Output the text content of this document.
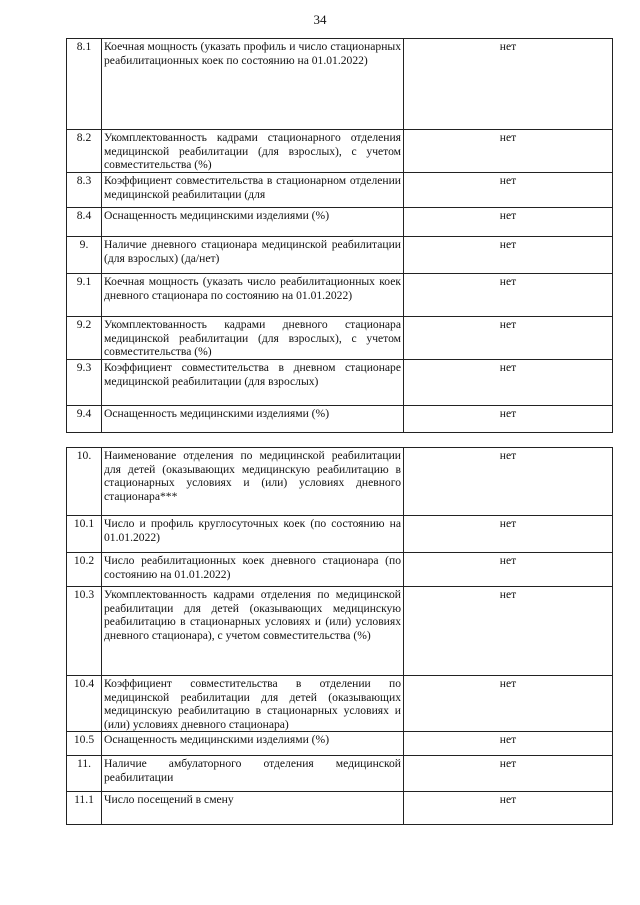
34
8.1	Коечная мощность (указать профиль и число стационарных реабилитационных коек по состоянию на 01.01.2022)	нет
8.2	Укомплектованность кадрами стационарного отделения медицинской реабилитации (для взрослых), с учетом совместительства (%)	нет
8.3	Коэффициент совместительства в стационарном отделении медицинской реабилитации (для	нет
8.4	Оснащенность медицинскими изделиями (%)	нет
9.	Наличие дневного стационара медицинской реабилитации (для взрослых) (да/нет)	нет
9.1	Коечная мощность (указать число реабилитационных коек дневного стационара по состоянию на 01.01.2022)	нет
9.2	Укомплектованность кадрами дневного стационара медицинской реабилитации (для взрослых), с учетом совместительства (%)	нет
9.3	Коэффициент совместительства в дневном стационаре медицинской реабилитации (для взрослых)	нет
9.4	Оснащенность медицинскими изделиями (%)	нет
10.	Наименование отделения по медицинской реабилитации для детей (оказывающих медицинскую реабилитацию в стационарных условиях и (или) условиях дневного стационара***	нет
10.1	Число и профиль круглосуточных коек (по состоянию на 01.01.2022)	нет
10.2	Число реабилитационных коек дневного стационара (по состоянию на 01.01.2022)	нет
10.3	Укомплектованность кадрами отделения по медицинской реабилитации для детей (оказывающих медицинскую реабилитацию в стационарных условиях и (или) условиях дневного стационара), с учетом совместительства (%)	нет
10.4	Коэффициент совместительства в отделении по медицинской реабилитации для детей (оказывающих медицинскую реабилитацию в стационарных условиях и (или) условиях дневного стационара)	нет
10.5	Оснащенность медицинскими изделиями (%)	нет
11.	Наличие амбулаторного отделения медицинской реабилитации	нет
11.1	Число посещений в смену	нет
